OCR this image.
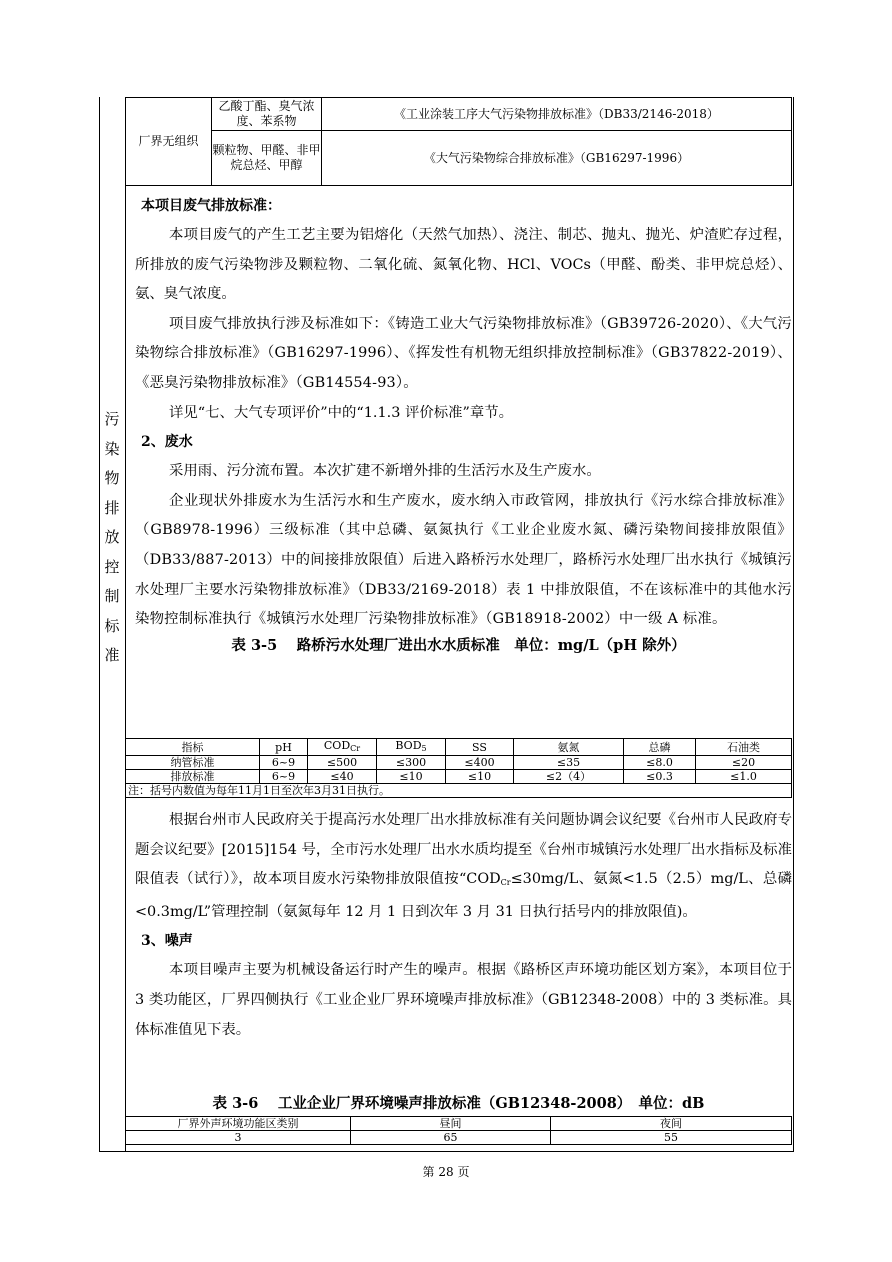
污
染
物
排
放
控
制
标
准
厂界无组织	乙酸丁酯、臭气浓度、苯系物	《工业涂装工序大气污染物排放标准》（DB33/2146-2018）
	颗粒物、甲醛、非甲烷总烃、甲醇	《大气污染物综合排放标准》（GB16297-1996）

本项目废气排放标准：

本项目废气的产生工艺主要为铝熔化（天然气加热）、浇注、制芯、抛丸、抛光、炉渣贮存过程，所排放的废气污染物涉及颗粒物、二氧化硫、氮氧化物、HCl、VOCs（甲醛、酚类、非甲烷总烃）、氨、臭气浓度。

项目废气排放执行涉及标准如下：《铸造工业大气污染物排放标准》（GB39726-2020）、《大气污染物综合排放标准》（GB16297-1996）、《挥发性有机物无组织排放控制标准》（GB37822-2019）、《恶臭污染物排放标准》（GB14554-93）。

详见“七、大气专项评价”中的“1.1.3 评价标准”章节。

2、废水

采用雨、污分流布置。本次扩建不新增外排的生活污水及生产废水。

企业现状外排废水为生活污水和生产废水，废水纳入市政管网，排放执行《污水综合排放标准》（GB8978-1996）三级标准（其中总磷、氨氮执行《工业企业废水氮、磷污染物间接排放限值》（DB33/887-2013）中的间接排放限值）后进入路桥污水处理厂，路桥污水处理厂出水执行《城镇污水处理厂主要水污染物排放标准》（DB33/2169-2018）表 1 中排放限值，不在该标准中的其他水污染物控制标准执行《城镇污水处理厂污染物排放标准》（GB18918-2002）中一级 A 标准。

表 3-5　 路桥污水处理厂进出水水质标准　单位：mg/L（pH 除外）

指标	pH	$COD_{Cr}$	$BOD_5$	SS	氨氮	总磷	石油类
纳管标准	6~9	≤500	≤300	≤400	≤35	≤8.0	≤20
排放标准	6~9	≤40	≤10	≤10	≤2（4）	≤0.3	≤1.0
注：括号内数值为每年11月1日至次年3月31日执行。							

根据台州市人民政府关于提高污水处理厂出水排放标准有关问题协调会议纪要《台州市人民政府专题会议纪要》[2015]154 号，全市污水处理厂出水水质均提至《台州市城镇污水处理厂出水指标及标准限值表（试行）》，故本项目废水污染物排放限值按“$COD_{Cr}\le 30mg/L$、氨氮<1.5（2.5）mg/L、总磷<0.3mg/L”管理控制（氨氮每年 12 月 1 日到次年 3 月 31 日执行括号内的排放限值)。

3、噪声

本项目噪声主要为机械设备运行时产生的噪声。根据《路桥区声环境功能区划方案》，本项目位于 3 类功能区，厂界四侧执行《工业企业厂界环境噪声排放标准》（GB12348-2008）中的 3 类标准。具体标准值见下表。

表 3-6　 工业企业厂界环境噪声排放标准（GB12348-2008）　单位：dB

厂界外声环境功能区类别	昼间	夜间
3	65	55
第 28 页
